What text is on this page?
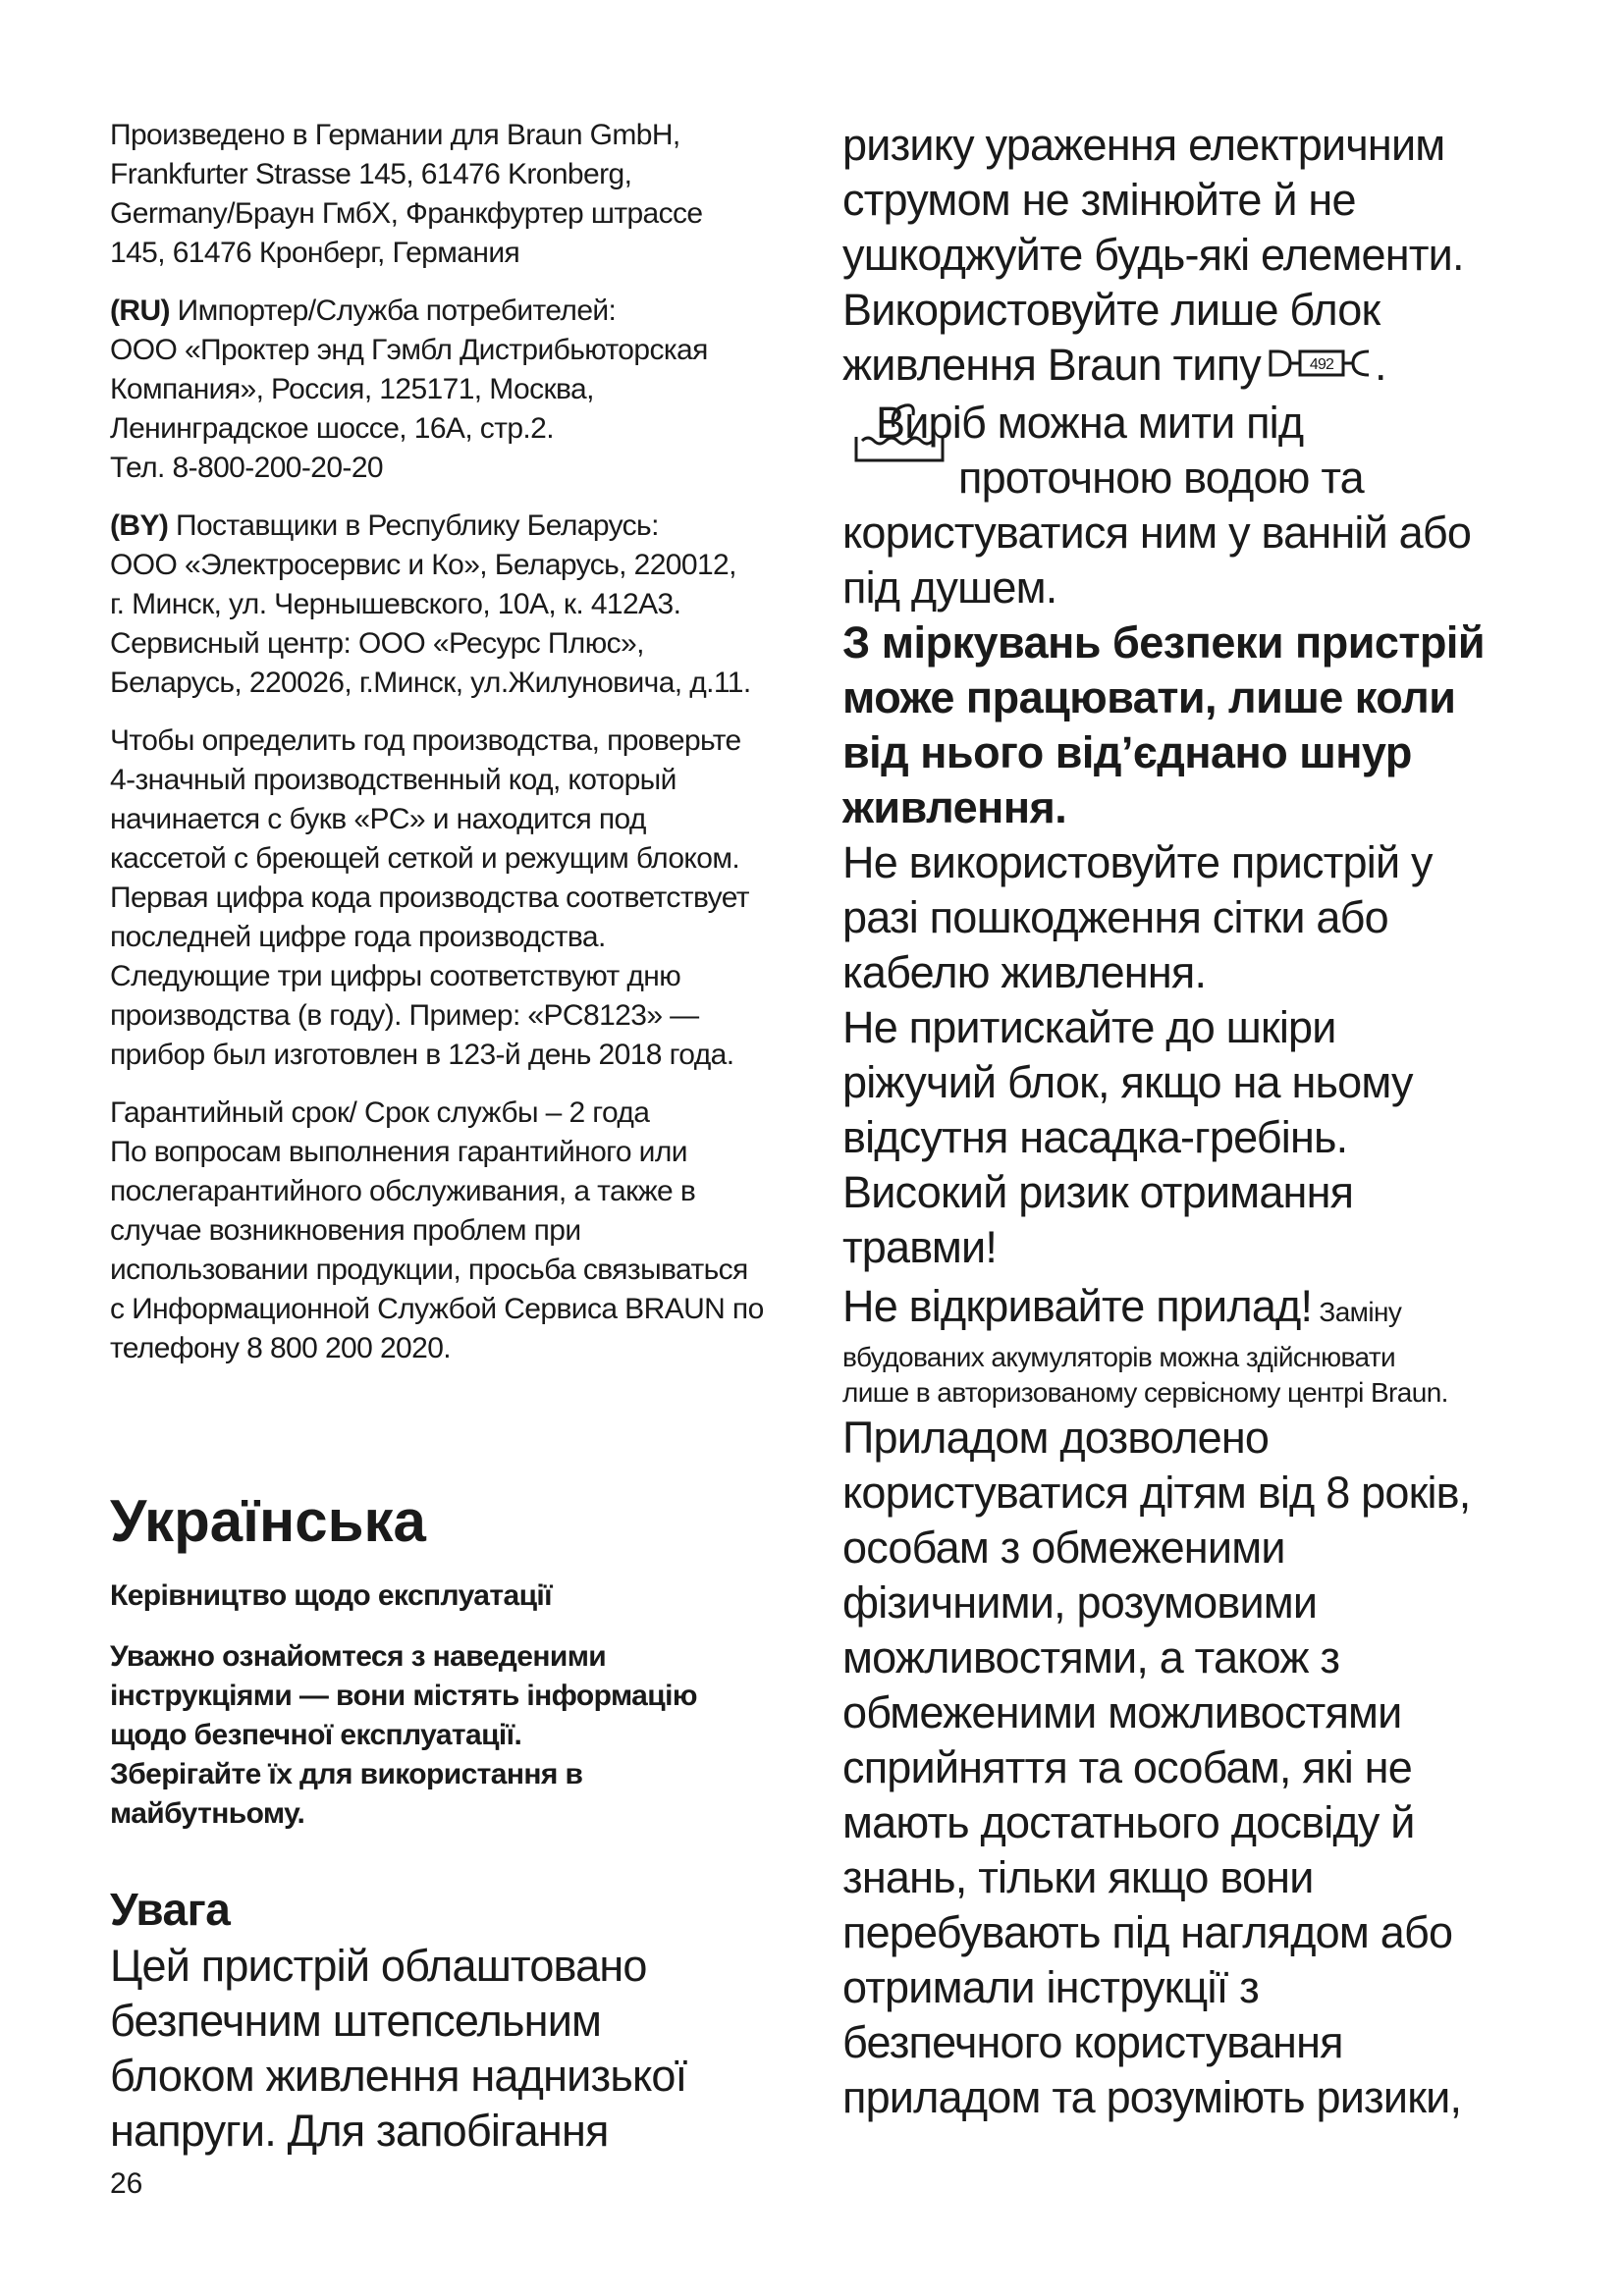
Произведено в Германии для Braun GmbH,

Frankfurter Strasse 145, 61476 Kronberg,

Germany/Браун ГмбХ, Франкфуртер штрассе

145, 61476 Кронберг, Германия

(RU) Импортер/Служба потребителей:

ООО «Проктер энд Гэмбл Дистрибьюторская

Компания», Россия, 125171, Москва,

Ленинградское шоссе, 16А, стр.2.

Тел. 8-800-200-20-20

(BY) Поставщики в Республику Беларусь:

ООО «Электросервис и Ко», Беларусь, 220012,

г. Минск, ул. Чернышевского, 10А, к. 412А3.

Сервисный центр: ООО «Ресурс Плюс»,

Беларусь, 220026, г.Минск, ул.Жилуновича, д.11.

Чтобы определить год производства, проверьте

4-значный производственный код, который

начинается с букв «PC» и находится под

кассетой с бреющей сеткой и режущим блоком.

Первая цифра кода производства соответствует

последней цифре года производства.

Следующие три цифры соответствуют дню

производства (в году). Пример: «PC8123» —

прибор был изготовлен в 123-й день 2018 года.

Гарантийный срок/ Срок службы – 2 года

По вопросам выполнения гарантийного или

послегарантийного обслуживания, а также в

случае возникновения проблем при

использовании продукции, просьба связываться

с Информационной Службой Сервиса BRAUN по

телефону 8 800 200 2020.

Українська

Керівництво щодо експлуатації

Уважно ознайомтеся з наведеними

інструкціями — вони містять інформацію

щодо безпечної експлуатації.

Зберігайте їх для використання в

майбутньому.

Увага

Цей пристрій облаштовано

безпечним штепсельним

блоком живлення наднизької

напруги. Для запобігання

26

ризику ураження електричним

струмом не змінюйте й не

ушкоджуйте будь-які елементи.

Використовуйте лише блок

живлення Braun типу	492 .

Виріб можна мити під

проточною водою та

користуватися ним у ванній або

під душем.

З міркувань безпеки пристрій

може працювати, лише коли

від нього від’єднано шнур

живлення.

Не використовуйте пристрій у

разі пошкодження сітки або

кабелю живлення.

Не притискайте до шкіри

ріжучий блок, якщо на ньому

відсутня насадка-гребінь.

Високий ризик отримання

травми!

Не відкривайте прилад! Заміну

вбудованих акумуляторів можна здійснювати

лише в авторизованому сервісному центрі Braun.

Приладом дозволено

користуватися дітям від 8 років,

особам з обмеженими

фізичними, розумовими

можливостями, а також з

обмеженими можливостями

сприйняття та особам, які не

мають достатнього досвіду й

знань, тільки якщо вони

перебувають під наглядом або

отримали інструкції з

безпечного користування

приладом та розуміють ризики,
